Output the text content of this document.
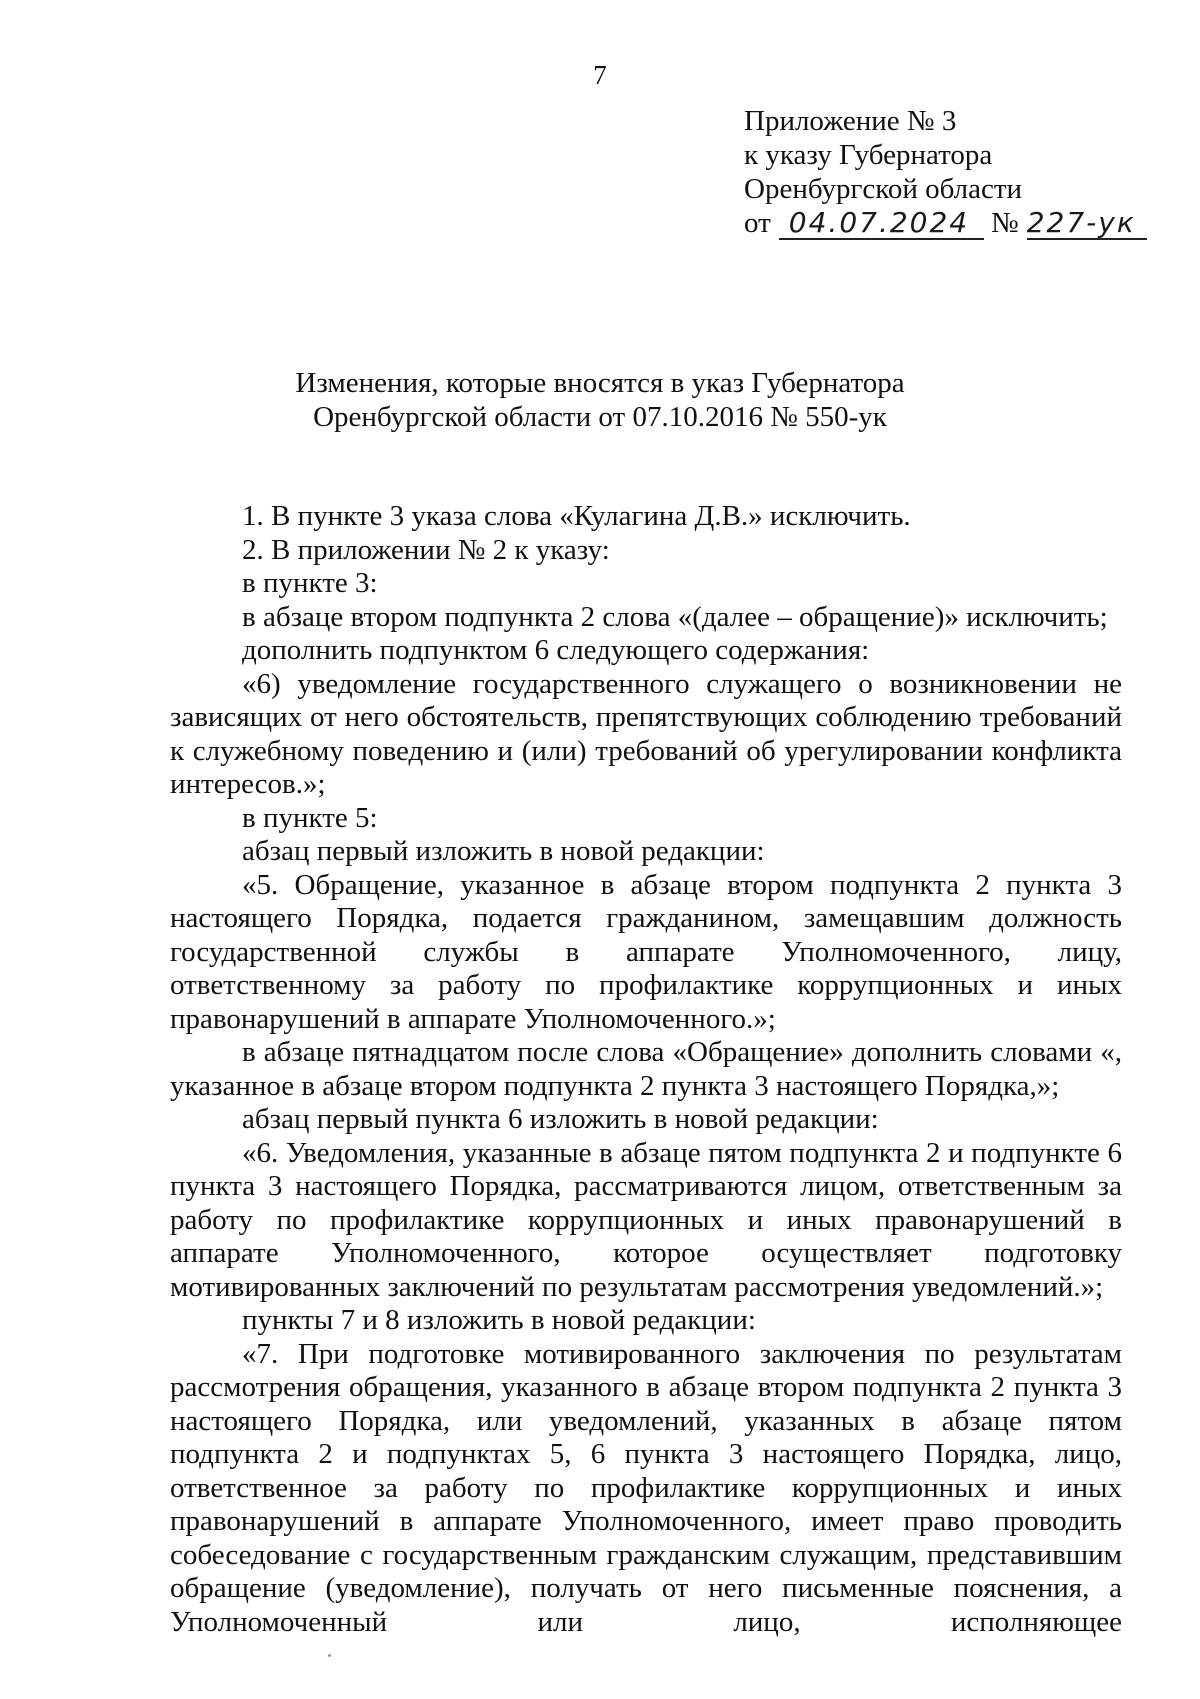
7
Приложение № 3
к указу Губернатора
Оренбургской области
от 04.07.2024 № 227-ук
Изменения, которые вносятся в указ Губернатора
Оренбургской области от 07.10.2016 № 550-ук

1. В пункте 3 указа слова «Кулагина Д.В.» исключить.

2. В приложении № 2 к указу:

в пункте 3:

в абзаце втором подпункта 2 слова «(далее – обращение)» исключить;

дополнить подпунктом 6 следующего содержания:

«6) уведомление государственного служащего о возникновении не зависящих от него обстоятельств, препятствующих соблюдению требований к служебному поведению и (или) требований об урегулировании конфликта интересов.»;

в пункте 5:

абзац первый изложить в новой редакции:

«5. Обращение, указанное в абзаце втором подпункта 2 пункта 3 настоящего Порядка, подается гражданином, замещавшим должность государственной службы в аппарате Уполномоченного, лицу, ответственному за работу по профилактике коррупционных и иных правонарушений в аппарате Уполномоченного.»;

в абзаце пятнадцатом после слова «Обращение» дополнить словами «, указанное в абзаце втором подпункта 2 пункта 3 настоящего Порядка,»;

абзац первый пункта 6 изложить в новой редакции:

«6. Уведомления, указанные в абзаце пятом подпункта 2 и подпункте 6 пункта 3 настоящего Порядка, рассматриваются лицом, ответственным за работу по профилактике коррупционных и иных правонарушений в аппарате Уполномоченного, которое осуществляет подготовку мотивированных заключений по результатам рассмотрения уведомлений.»;

пункты 7 и 8 изложить в новой редакции:

«7. При подготовке мотивированного заключения по результатам рассмотрения обращения, указанного в абзаце втором подпункта 2 пункта 3 настоящего Порядка, или уведомлений, указанных в абзаце пятом подпункта 2 и подпунктах 5, 6 пункта 3 настоящего Порядка, лицо, ответственное за работу по профилактике коррупционных и иных правонарушений в аппарате Уполномоченного, имеет право проводить собеседование с государственным гражданским служащим, представившим обращение (уведомление), получать от него письменные пояснения, а Уполномоченный или лицо, исполняющее
